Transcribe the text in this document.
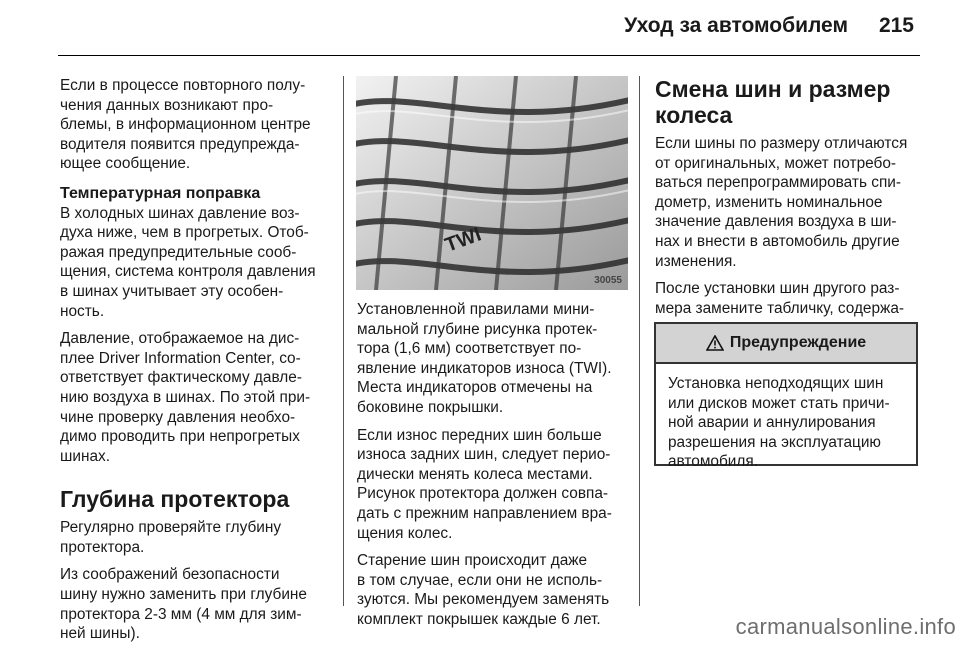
Уход за автомобилем 215

Если в процессе повторного полу-
чения данных возникают про-
блемы, в информационном центре
водителя появится предупрежда-
ющее сообщение.

Температурная поправка

В холодных шинах давление воз-
духа ниже, чем в прогретых. Отоб-
ражая предупредительные сооб-
щения, система контроля давления
в шинах учитывает эту особен-
ность.

Давление, отображаемое на дис-
плее Driver Information Center, со-
ответствует фактическому давле-
нию воздуха в шинах. По этой при-
чине проверку давления необхо-
димо проводить при непрогретых
шинах.

Глубина протектора

Регулярно проверяйте глубину
протектора.

Из соображений безопасности
шину нужно заменить при глубине
протектора 2-3 мм (4 мм для зим-
ней шины).

TWI
30055

Установленной правилами мини-
мальной глубине рисунка протек-
тора (1,6 мм) соответствует по-
явление индикаторов износа (TWI).
Места индикаторов отмечены на
боковине покрышки.

Если износ передних шин больше
износа задних шин, следует перио-
дически менять колеса местами.
Рисунок протектора должен совпа-
дать с прежним направлением вра-
щения колес.

Старение шин происходит даже
в том случае, если они не исполь-
зуются. Мы рекомендуем заменять
комплект покрышек каждые 6 лет.

Смена шин и размер
колеса

Если шины по размеру отличаются
от оригинальных, может потребо-
ваться перепрограммировать спи-
дометр, изменить номинальное
значение давления воздуха в ши-
нах и внести в автомобиль другие
изменения.

После установки шин другого раз-
мера замените табличку, содержа-

Предупреждение
Установка неподходящих шин
или дисков может стать причи-
ной аварии и аннулирования
разрешения на эксплуатацию
автомобиля.
carmanualsonline.info
